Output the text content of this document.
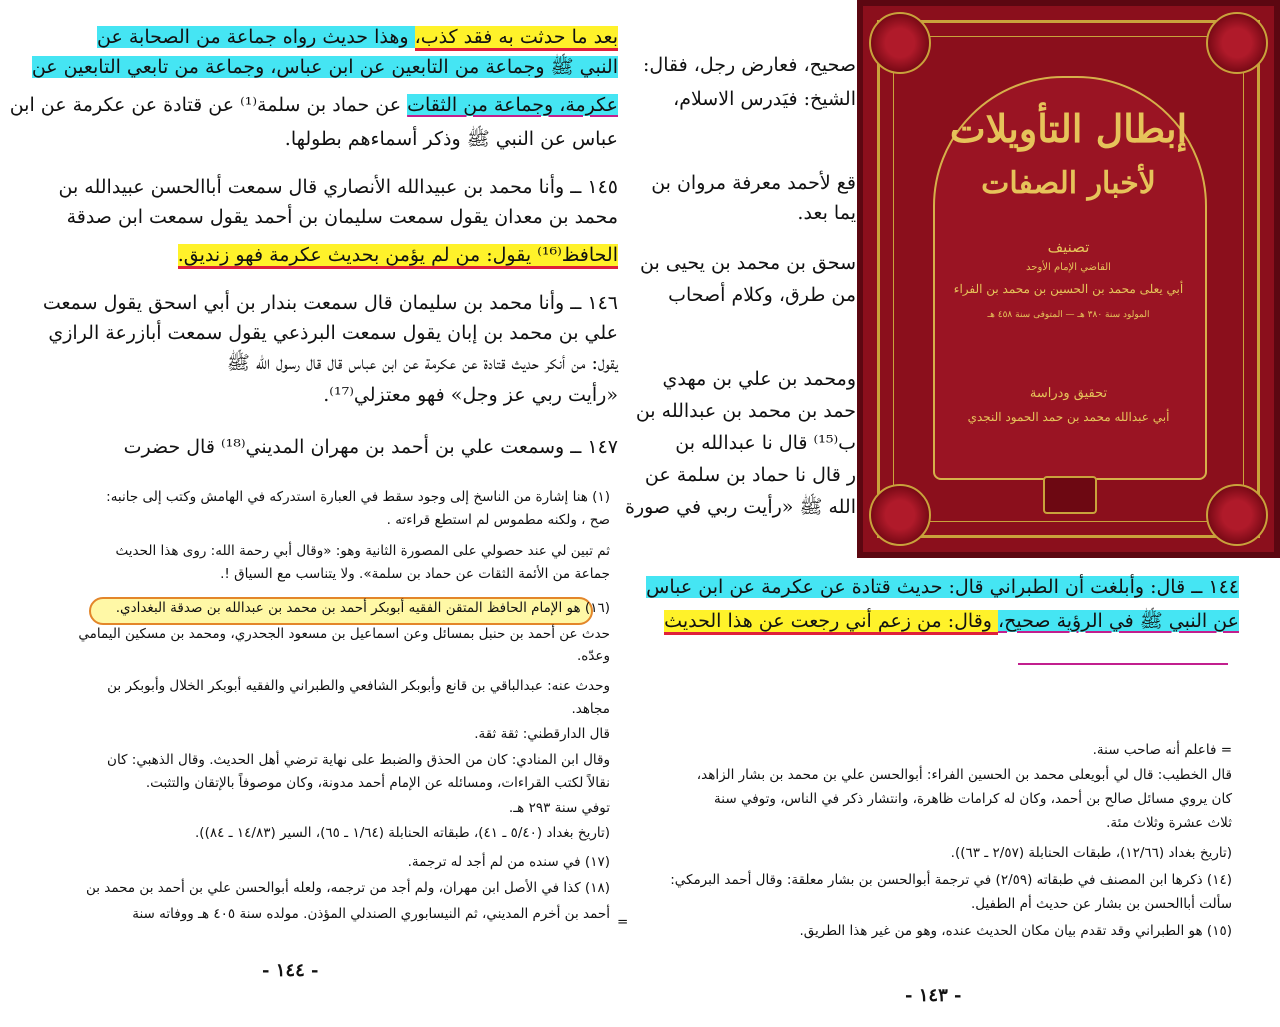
بعد ما حدثت به فقد كذب، وهذا حديث رواه جماعة من الصحابة عن
النبي ﷺ وجماعة من التابعين عن ابن عباس، وجماعة من تابعي التابعين عن
عكرمة، وجماعة من الثقات عن حماد بن سلمة⁽¹⁾ عن قتادة عن عكرمة عن ابن
عباس عن النبي ﷺ وذكر أسماءهم بطولها.
١٤٥ ــ وأنا محمد بن عبيدالله الأنصاري قال سمعت أباالحسن عبيدالله بن
محمد بن معدان يقول سمعت سليمان بن أحمد يقول سمعت ابن صدقة
الحافظ⁽¹⁶⁾ يقول: من لم يؤمن بحديث عكرمة فهو زنديق.
١٤٦ ــ وأنا محمد بن سليمان قال سمعت بندار بن أبي اسحق يقول سمعت
علي بن محمد بن إبان يقول سمعت البرذعي يقول سمعت أبازرعة الرازي
يقول: من أنكر حديث قتادة عن عكرمة عن ابن عباس قال قال رسول الله ﷺ
«رأيت ربي عز وجل» فهو معتزلي⁽¹⁷⁾.
١٤٧ ــ وسمعت علي بن أحمد بن مهران المديني⁽¹⁸⁾ قال حضرت
(١) هنا إشارة من الناسخ إلى وجود سقط في العبارة استدركه في الهامش وكتب إلى جانبه:
صح ، ولكنه مطموس لم استطع قراءته .
ثم تبين لي عند حصولي على المصورة الثانية وهو: «وقال أبي رحمة الله: روى هذا الحديث
جماعة من الأئمة الثقات عن حماد بن سلمة». ولا يتناسب مع السياق !.
(١٦) هو الإمام الحافظ المتقن الفقيه أبوبكر أحمد بن محمد بن عبدالله بن صدقة البغدادي.
حدث عن أحمد بن حنبل بمسائل وعن اسماعيل بن مسعود الجحدري، ومحمد بن مسكين اليمامي
وعدّه.
وحدث عنه: عبدالباقي بن قانع وأبوبكر الشافعي والطبراني والفقيه أبوبكر الخلال وأبوبكر بن
مجاهد.
قال الدارقطني: ثقة ثقة.
وقال ابن المنادي: كان من الحذق والضبط على نهاية ترضي أهل الحديث. وقال الذهبي: كان
نقالاً لكتب القراءات، ومسائله عن الإمام أحمد مدونة، وكان موصوفاً بالإتقان والتثبت.
توفي سنة ٢٩٣ هـ.
(تاريخ بغداد (٥/٤٠ ـ ٤١)، طبقاته الحنابلة (١/٦٤ ـ ٦٥)، السير (١٤/٨٣ ـ ٨٤)).
(١٧) في سنده من لم أجد له ترجمة.
(١٨) كذا في الأصل ابن مهران، ولم أجد من ترجمه، ولعله أبوالحسن علي بن أحمد بن محمد بن
أحمد بن أخرم المديني، ثم النيسابوري الصندلي المؤذن. مولده سنة ٤٠٥ هـ ووفاته سنة =
- ١٤٤ -
صحيح، فعارض رجل، فقال:
الشيخ: فيَدرس الاسلام،
قع لأحمد معرفة مروان بن
يما بعد.
سحق بن محمد بن يحيى بن
من طرق، وكلام أصحاب
ومحمد بن علي بن مهدي
حمد بن محمد بن عبدالله بن
ب⁽¹⁵⁾ قال نا عبدالله بن
ر قال نا حماد بن سلمة عن
الله ﷺ «رأيت ربي في صورة
١٤٤ ــ قال: وأبلغت أن الطبراني قال: حديث قتادة عن عكرمة عن ابن عباس
عن النبي ﷺ في الرؤية صحيح، وقال: من زعم أني رجعت عن هذا الحديث
= فاعلم أنه صاحب سنة.
قال الخطيب: قال لي أبويعلى محمد بن الحسين الفراء: أبوالحسن علي بن محمد بن بشار الزاهد،
كان يروي مسائل صالح بن أحمد، وكان له كرامات ظاهرة، وانتشار ذكر في الناس، وتوفي سنة
ثلاث عشرة وثلاث مئة.
(تاريخ بغداد (١٢/٦٦)، طبقات الحنابلة (٢/٥٧ ـ ٦٣)).
(١٤) ذكرها ابن المصنف في طبقاته (٢/٥٩) في ترجمة أبوالحسن بن بشار معلقة: وقال أحمد البرمكي:
سألت أباالحسن بن بشار عن حديث أم الطفيل.
(١٥) هو الطبراني وقد تقدم بيان مكان الحديث عنده، وهو من غير هذا الطريق.
- ١٤٣ -
إبطال التأويلات
لأخبار الصفات
تصنيف
القاضي الإمام الأوحد
أبي يعلى محمد بن الحسين بن محمد بن الفراء
المولود سنة ٣٨٠ هـ — المتوفى سنة ٤٥٨ هـ
تحقيق ودراسة
أبي عبدالله محمد بن حمد الحمود النجدي
